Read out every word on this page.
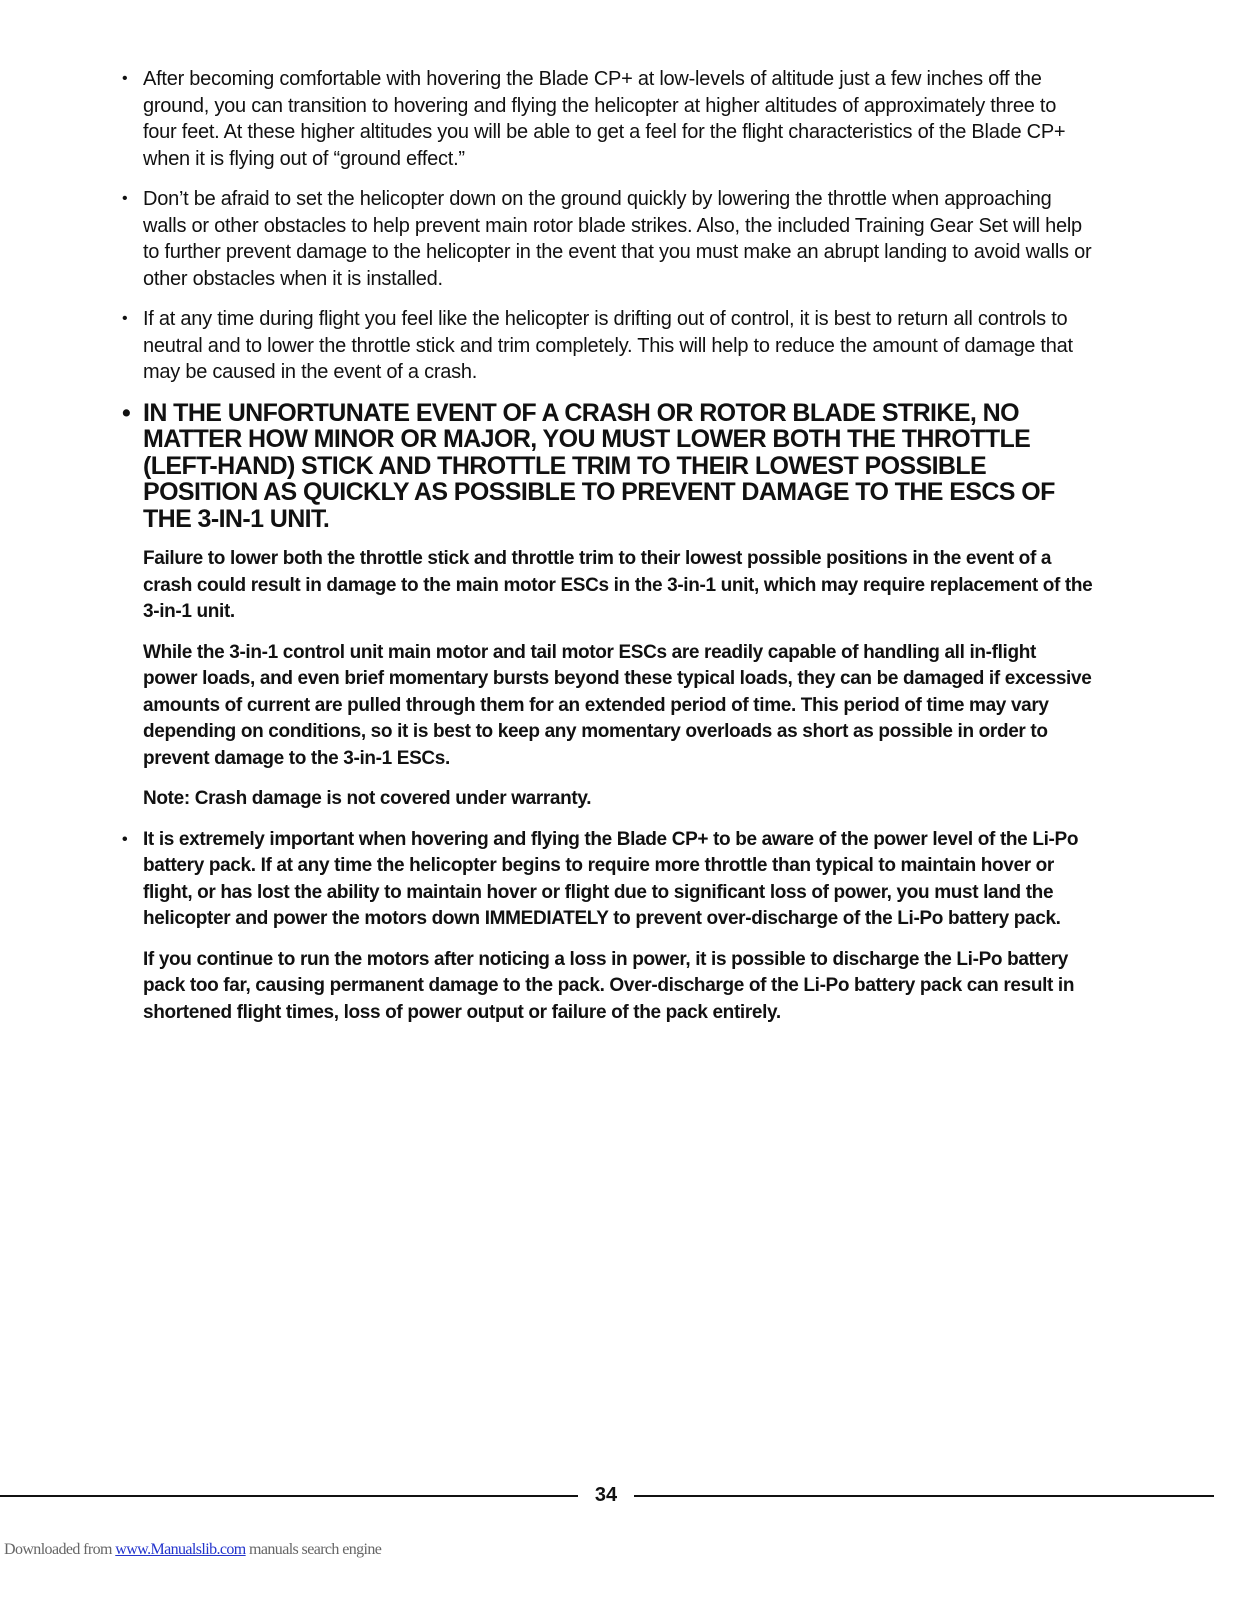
• After becoming comfortable with hovering the Blade CP+ at low-levels of altitude just a few inches off the ground, you can transition to hovering and flying the helicopter at higher altitudes of approximately three to four feet. At these higher altitudes you will be able to get a feel for the flight characteristics of the Blade CP+ when it is flying out of “ground effect.”

• Don’t be afraid to set the helicopter down on the ground quickly by lowering the throttle when approaching walls or other obstacles to help prevent main rotor blade strikes. Also, the included Training Gear Set will help to further prevent damage to the helicopter in the event that you must make an abrupt landing to avoid walls or other obstacles when it is installed.

• If at any time during flight you feel like the helicopter is drifting out of control, it is best to return all controls to neutral and to lower the throttle stick and trim completely. This will help to reduce the amount of damage that may be caused in the event of a crash.

• IN THE UNFORTUNATE EVENT OF A CRASH OR ROTOR BLADE STRIKE, NO MATTER HOW MINOR OR MAJOR, YOU MUST LOWER BOTH THE THROTTLE (LEFT-HAND) STICK AND THROTTLE TRIM TO THEIR LOWEST POSSIBLE POSITION AS QUICKLY AS POSSIBLE TO PREVENT DAMAGE TO THE ESCS OF THE 3-IN-1 UNIT.

Failure to lower both the throttle stick and throttle trim to their lowest possible positions in the event of a crash could result in damage to the main motor ESCs in the 3-in-1 unit, which may require replacement of the 3-in-1 unit.

While the 3-in-1 control unit main motor and tail motor ESCs are readily capable of handling all in-flight power loads, and even brief momentary bursts beyond these typical loads, they can be damaged if excessive amounts of current are pulled through them for an extended period of time. This period of time may vary depending on conditions, so it is best to keep any momentary overloads as short as possible in order to prevent damage to the 3-in-1 ESCs.

Note: Crash damage is not covered under warranty.

• It is extremely important when hovering and flying the Blade CP+ to be aware of the power level of the Li-Po battery pack. If at any time the helicopter begins to require more throttle than typical to maintain hover or flight, or has lost the ability to maintain hover or flight due to significant loss of power, you must land the helicopter and power the motors down IMMEDIATELY to prevent over-discharge of the Li-Po battery pack.

If you continue to run the motors after noticing a loss in power, it is possible to discharge the Li-Po battery pack too far, causing permanent damage to the pack. Over-discharge of the Li-Po battery pack can result in shortened flight times, loss of power output or failure of the pack entirely.

34
Downloaded from www.Manualslib.com manuals search engine
